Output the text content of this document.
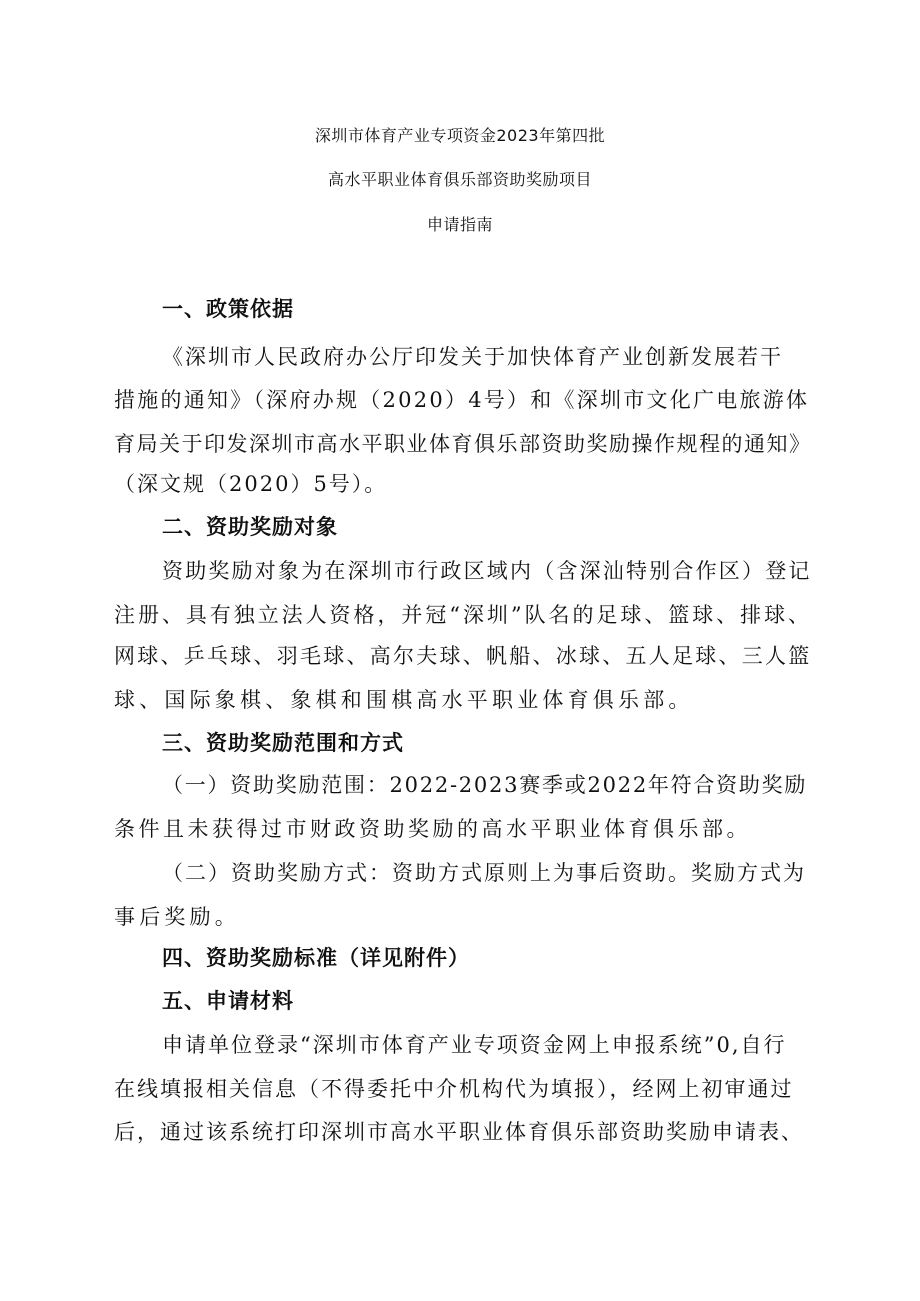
深圳市体育产业专项资金2023年第四批
高水平职业体育俱乐部资助奖励项目
申请指南
一、政策依据
《深圳市人民政府办公厅印发关于加快体育产业创新发展若干
措施的通知》（深府办规（2020）4号）和《深圳市文化广电旅游体
育局关于印发深圳市高水平职业体育俱乐部资助奖励操作规程的通知》
（深文规（2020）5号）。
二、资助奖励对象
资助奖励对象为在深圳市行政区域内（含深汕特别合作区）登记
注册、具有独立法人资格，并冠“深圳”队名的足球、篮球、排球、
网球、乒乓球、羽毛球、高尔夫球、帆船、冰球、五人足球、三人篮
球、国际象棋、象棋和围棋高水平职业体育俱乐部。
三、资助奖励范围和方式
（一）资助奖励范围：2022-2023赛季或2022年符合资助奖励
条件且未获得过市财政资助奖励的高水平职业体育俱乐部。
（二）资助奖励方式：资助方式原则上为事后资助。奖励方式为
事后奖励。
四、资助奖励标准（详见附件）
五、申请材料
申请单位登录“深圳市体育产业专项资金网上申报系统”0,自行
在线填报相关信息（不得委托中介机构代为填报），经网上初审通过
后，通过该系统打印深圳市高水平职业体育俱乐部资助奖励申请表、
